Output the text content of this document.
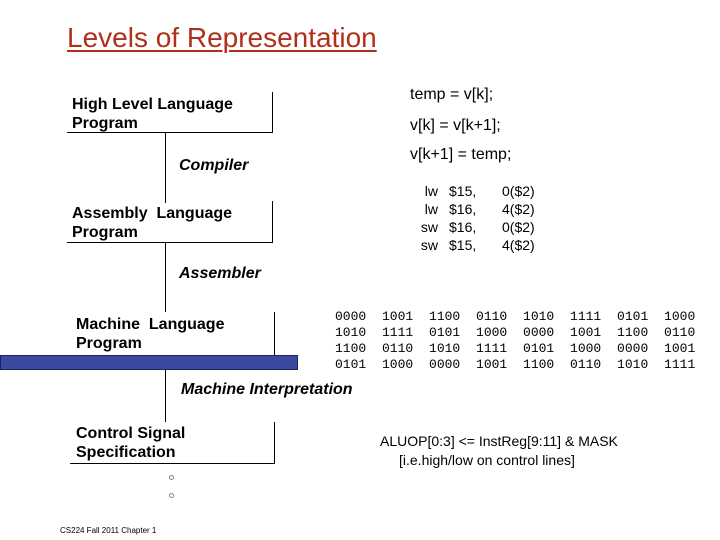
Levels of Representation
High Level Language
Program
Compiler
Assembly  Language
Program
Assembler
Machine  Language
Program
Machine Interpretation
Control Signal
Specification
temp = v[k];
v[k] = v[k+1];
v[k+1] = temp;
lw
lw
sw
sw
$15,
$16,
$16,
$15,
0($2)
4($2)
0($2)
4($2)
0000 1001 1100 0110 1010 1111 0101 1000
1010 1111 0101 1000 0000 1001 1100 0110
1100 0110 1010 1111 0101 1000 0000 1001
0101 1000 0000 1001 1100 0110 1010 1111
ALUOP[0:3] <= InstReg[9:11] & MASK
[i.e.high/low on control lines]
CS224 Fall 2011 Chapter 1
